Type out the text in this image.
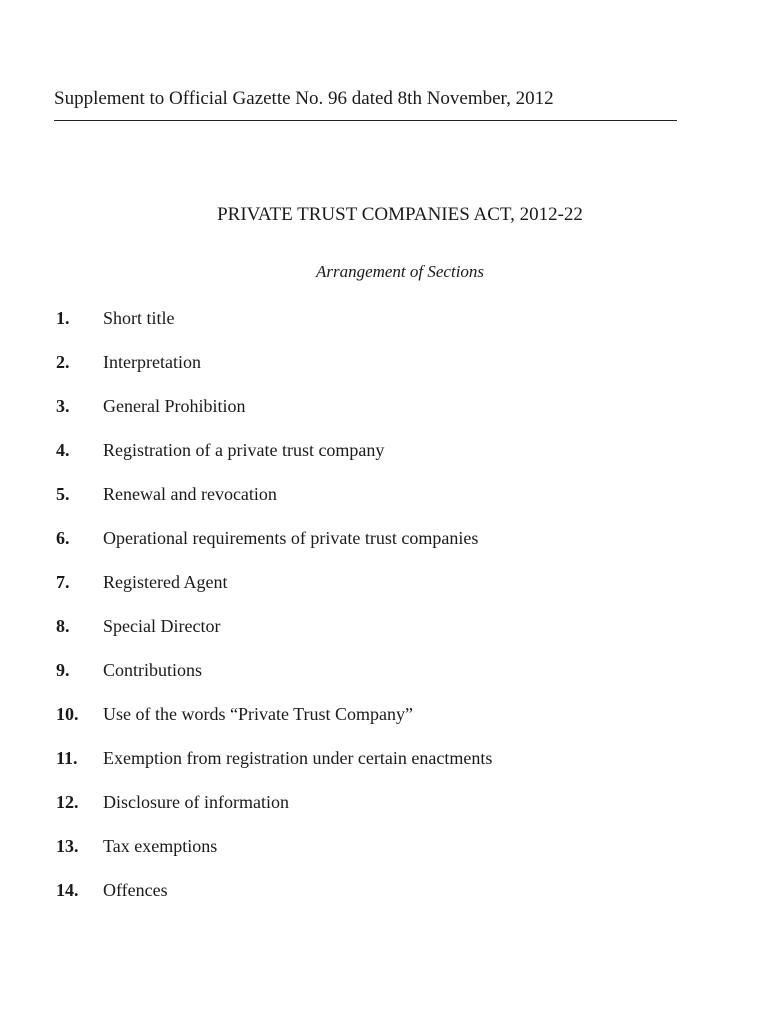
Supplement to Official Gazette No. 96 dated 8th November, 2012
PRIVATE TRUST COMPANIES ACT, 2012-22
Arrangement of Sections
1.	Short title
2.	Interpretation
3.	General Prohibition
4.	Registration of a private trust company
5.	Renewal and revocation
6.	Operational requirements of private trust companies
7.	Registered Agent
8.	Special Director
9.	Contributions
10.	Use of the words “Private Trust Company”
11.	Exemption from registration under certain enactments
12.	Disclosure of information
13.	Tax exemptions
14.	Offences
